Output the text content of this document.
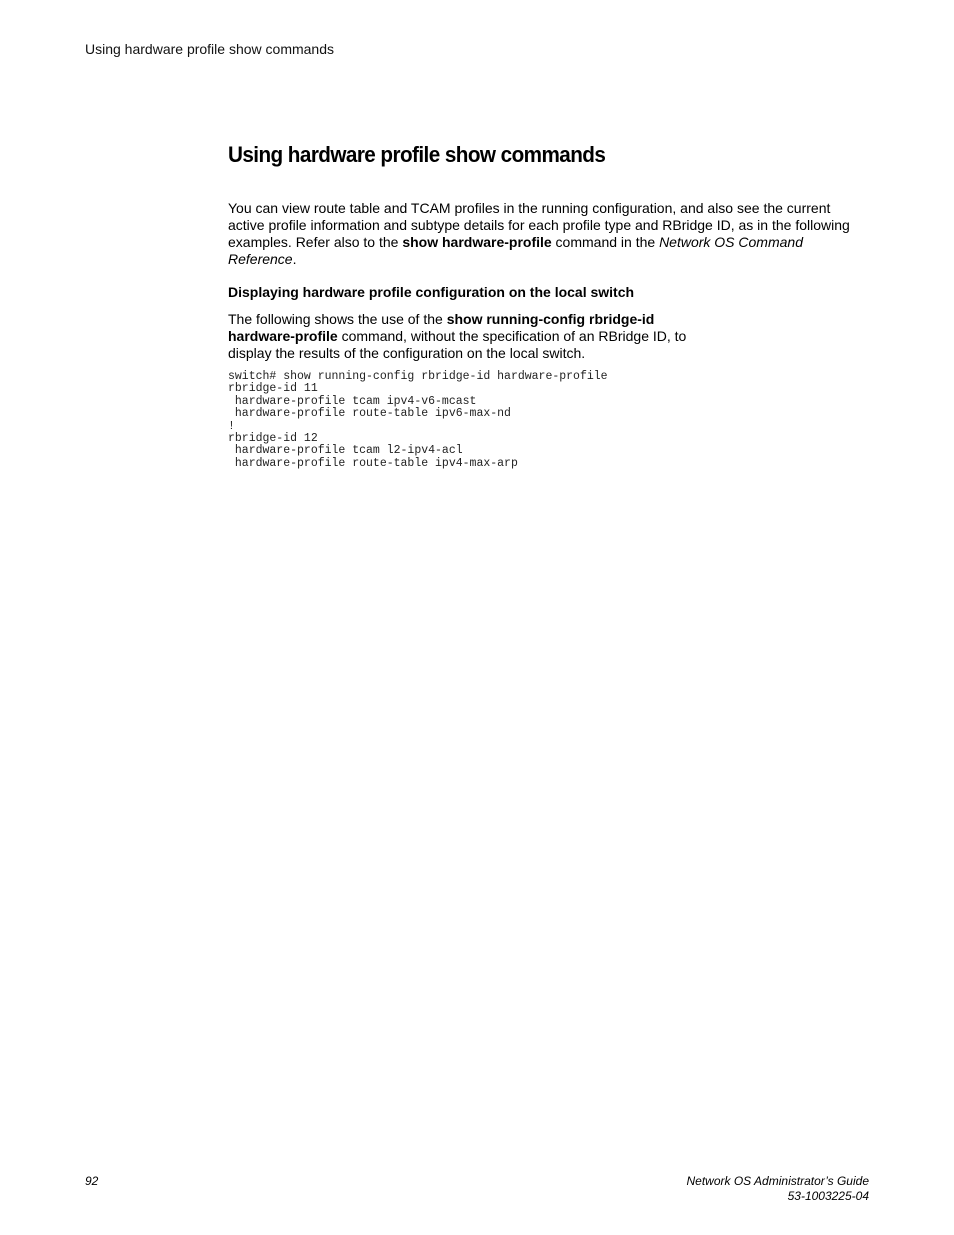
Using hardware profile show commands
Using hardware profile show commands

You can view route table and TCAM profiles in the running configuration, and also see the current active profile information and subtype details for each profile type and RBridge ID, as in the following examples. Refer also to the show hardware-profile command in the Network OS Command Reference.

Displaying hardware profile configuration on the local switch

The following shows the use of the show running-config rbridge-id hardware-profile command, without the specification of an RBridge ID, to display the results of the configuration on the local switch.

switch# show running-config rbridge-id hardware-profile
rbridge-id 11
hardware-profile tcam ipv4-v6-mcast
hardware-profile route-table ipv6-max-nd
!
rbridge-id 12
hardware-profile tcam l2-ipv4-acl
hardware-profile route-table ipv4-max-arp
92	Network OS Administrator’s Guide
53-1003225-04
